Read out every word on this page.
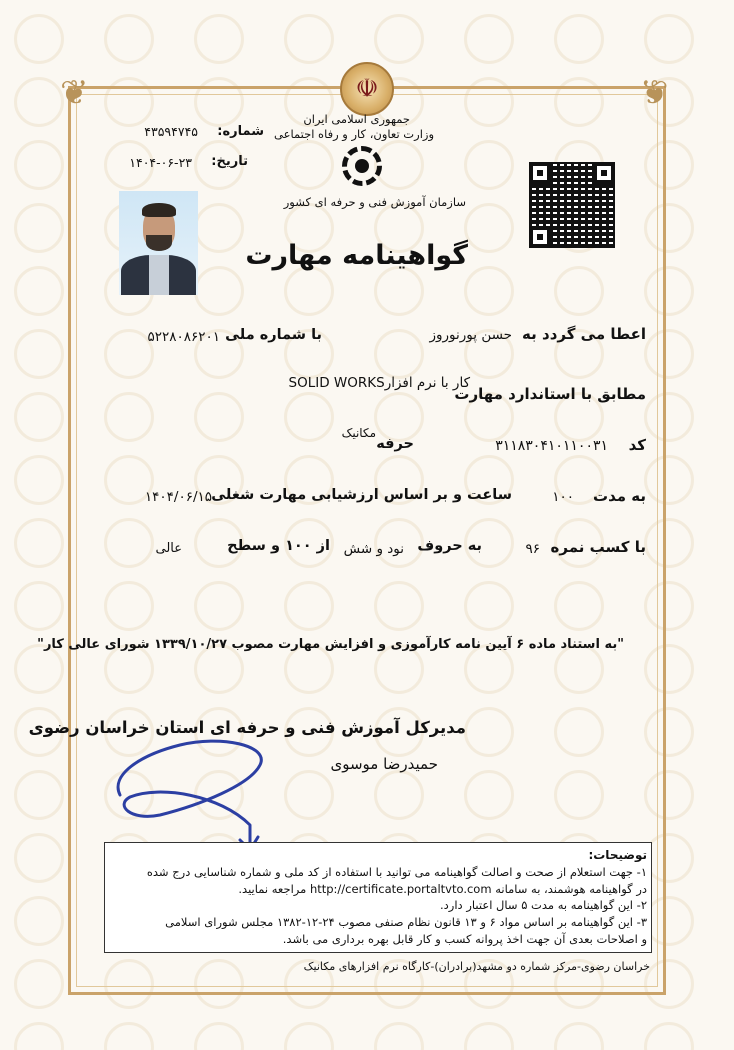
❦	❦
☫
جمهوری اسلامی ایران
وزارت تعاون، کار و رفاه اجتماعی
سازمان آموزش فنی و حرفه ای کشور
شماره:
۴۳۵۹۴۷۴۵
تاریخ:
۱۴۰۴-۰۶-۲۳
گواهینامه مهارت
اعطا می گردد به
حسن پورنوروز
با شماره ملی
۵۲۲۸۰۸۶۲۰۱
مطابق با استاندارد مهارت
کار با نرم افزارSOLID WORKS
کد
۳۱۱۸۳۰۴۱۰۱۱۰۰۳۱
حرفه
مکانیک
به مدت
۱۰۰
ساعت و بر اساس ارزشیابی مهارت شغلی
۱۴۰۴/۰۶/۱۵
با کسب نمره
۹۶
به حروف
نود و شش
از ۱۰۰ و سطح
عالی
"به استناد ماده ۶ آیین نامه کارآموزی و افزایش مهارت مصوب ۱۳۳۹/۱۰/۲۷ شورای عالی کار"
مدیرکل آموزش فنی و حرفه ای استان خراسان رضوی
حمیدرضا موسوی
توضیحات:
۱- جهت استعلام از صحت و اصالت گواهینامه می توانید با استفاده از کد ملی و شماره شناسایی درج شده
در گواهینامه هوشمند، به سامانه http://certificate.portaltvto.com مراجعه نمایید.
۲- این گواهینامه به مدت ۵ سال اعتبار دارد.
۳- این گواهینامه بر اساس مواد ۶ و ۱۳ قانون نظام صنفی مصوب ۲۴-۱۲-۱۳۸۲ مجلس شورای اسلامی
و اصلاحات بعدی آن جهت اخذ پروانه کسب و کار قابل بهره برداری می باشد.
خراسان رضوی-مرکز شماره دو مشهد(برادران)-کارگاه نرم افزارهای مکانیک
